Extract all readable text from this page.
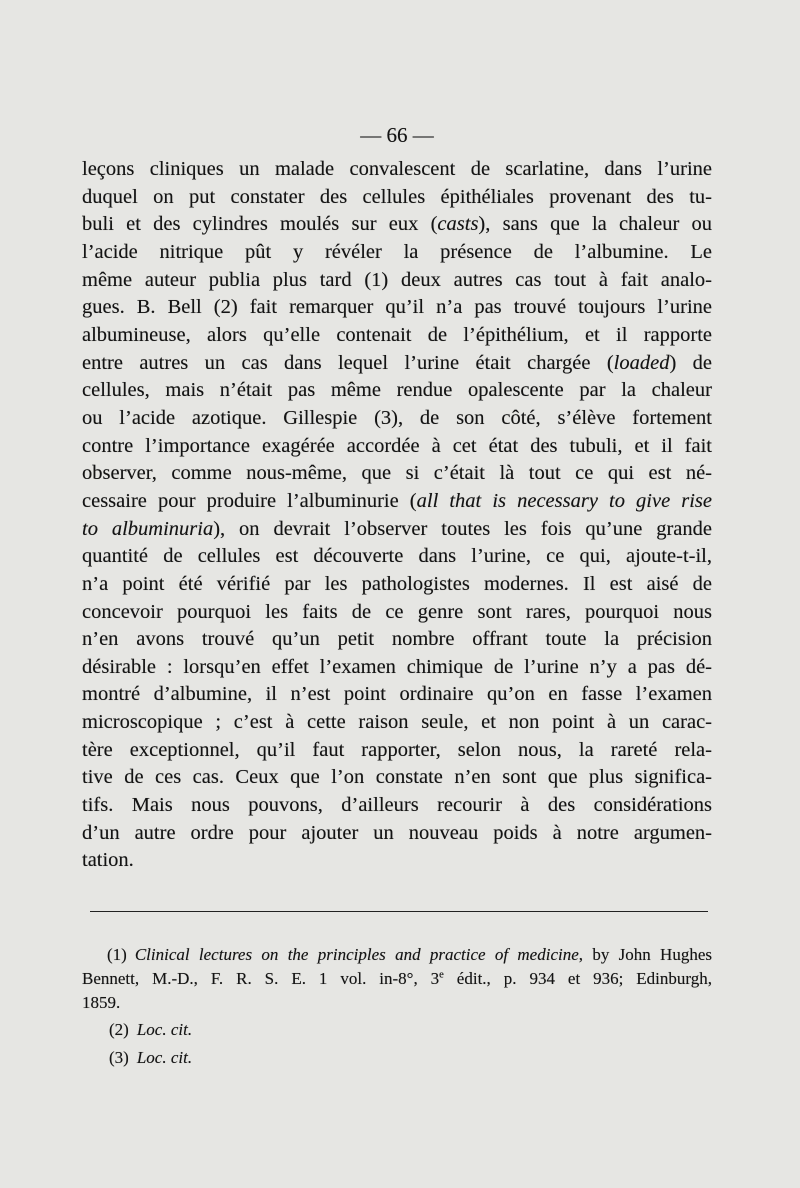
— 66 —
leçons cliniques un malade convalescent de scarlatine, dans l’urine
duquel on put constater des cellules épithéliales provenant des tu-
buli et des cylindres moulés sur eux (casts), sans que la chaleur ou
l’acide nitrique pût y révéler la présence de l’albumine. Le
même auteur publia plus tard (1) deux autres cas tout à fait analo-
gues. B. Bell (2) fait remarquer qu’il n’a pas trouvé toujours l’urine
albumineuse, alors qu’elle contenait de l’épithélium, et il rapporte
entre autres un cas dans lequel l’urine était chargée (loaded) de
cellules, mais n’était pas même rendue opalescente par la chaleur
ou l’acide azotique. Gillespie (3), de son côté, s’élève fortement
contre l’importance exagérée accordée à cet état des tubuli, et il fait
observer, comme nous-même, que si c’était là tout ce qui est né-
cessaire pour produire l’albuminurie (all that is necessary to give rise
to albuminuria), on devrait l’observer toutes les fois qu’une grande
quantité de cellules est découverte dans l’urine, ce qui, ajoute-t-il,
n’a point été vérifié par les pathologistes modernes. Il est aisé de
concevoir pourquoi les faits de ce genre sont rares, pourquoi nous
n’en avons trouvé qu’un petit nombre offrant toute la précision
désirable : lorsqu’en effet l’examen chimique de l’urine n’y a pas dé-
montré d’albumine, il n’est point ordinaire qu’on en fasse l’examen
microscopique ; c’est à cette raison seule, et non point à un carac-
tère exceptionnel, qu’il faut rapporter, selon nous, la rareté rela-
tive de ces cas. Ceux que l’on constate n’en sont que plus significa-
tifs. Mais nous pouvons, d’ailleurs recourir à des considérations
d’un autre ordre pour ajouter un nouveau poids à notre argumen-
tation.
(1) Clinical lectures on the principles and practice of medicine, by John Hughes
Bennett, M.-D., F. R. S. E. 1 vol. in-8°, 3e édit., p. 934 et 936; Edinburgh,
1859.
(2) Loc. cit.
(3) Loc. cit.
